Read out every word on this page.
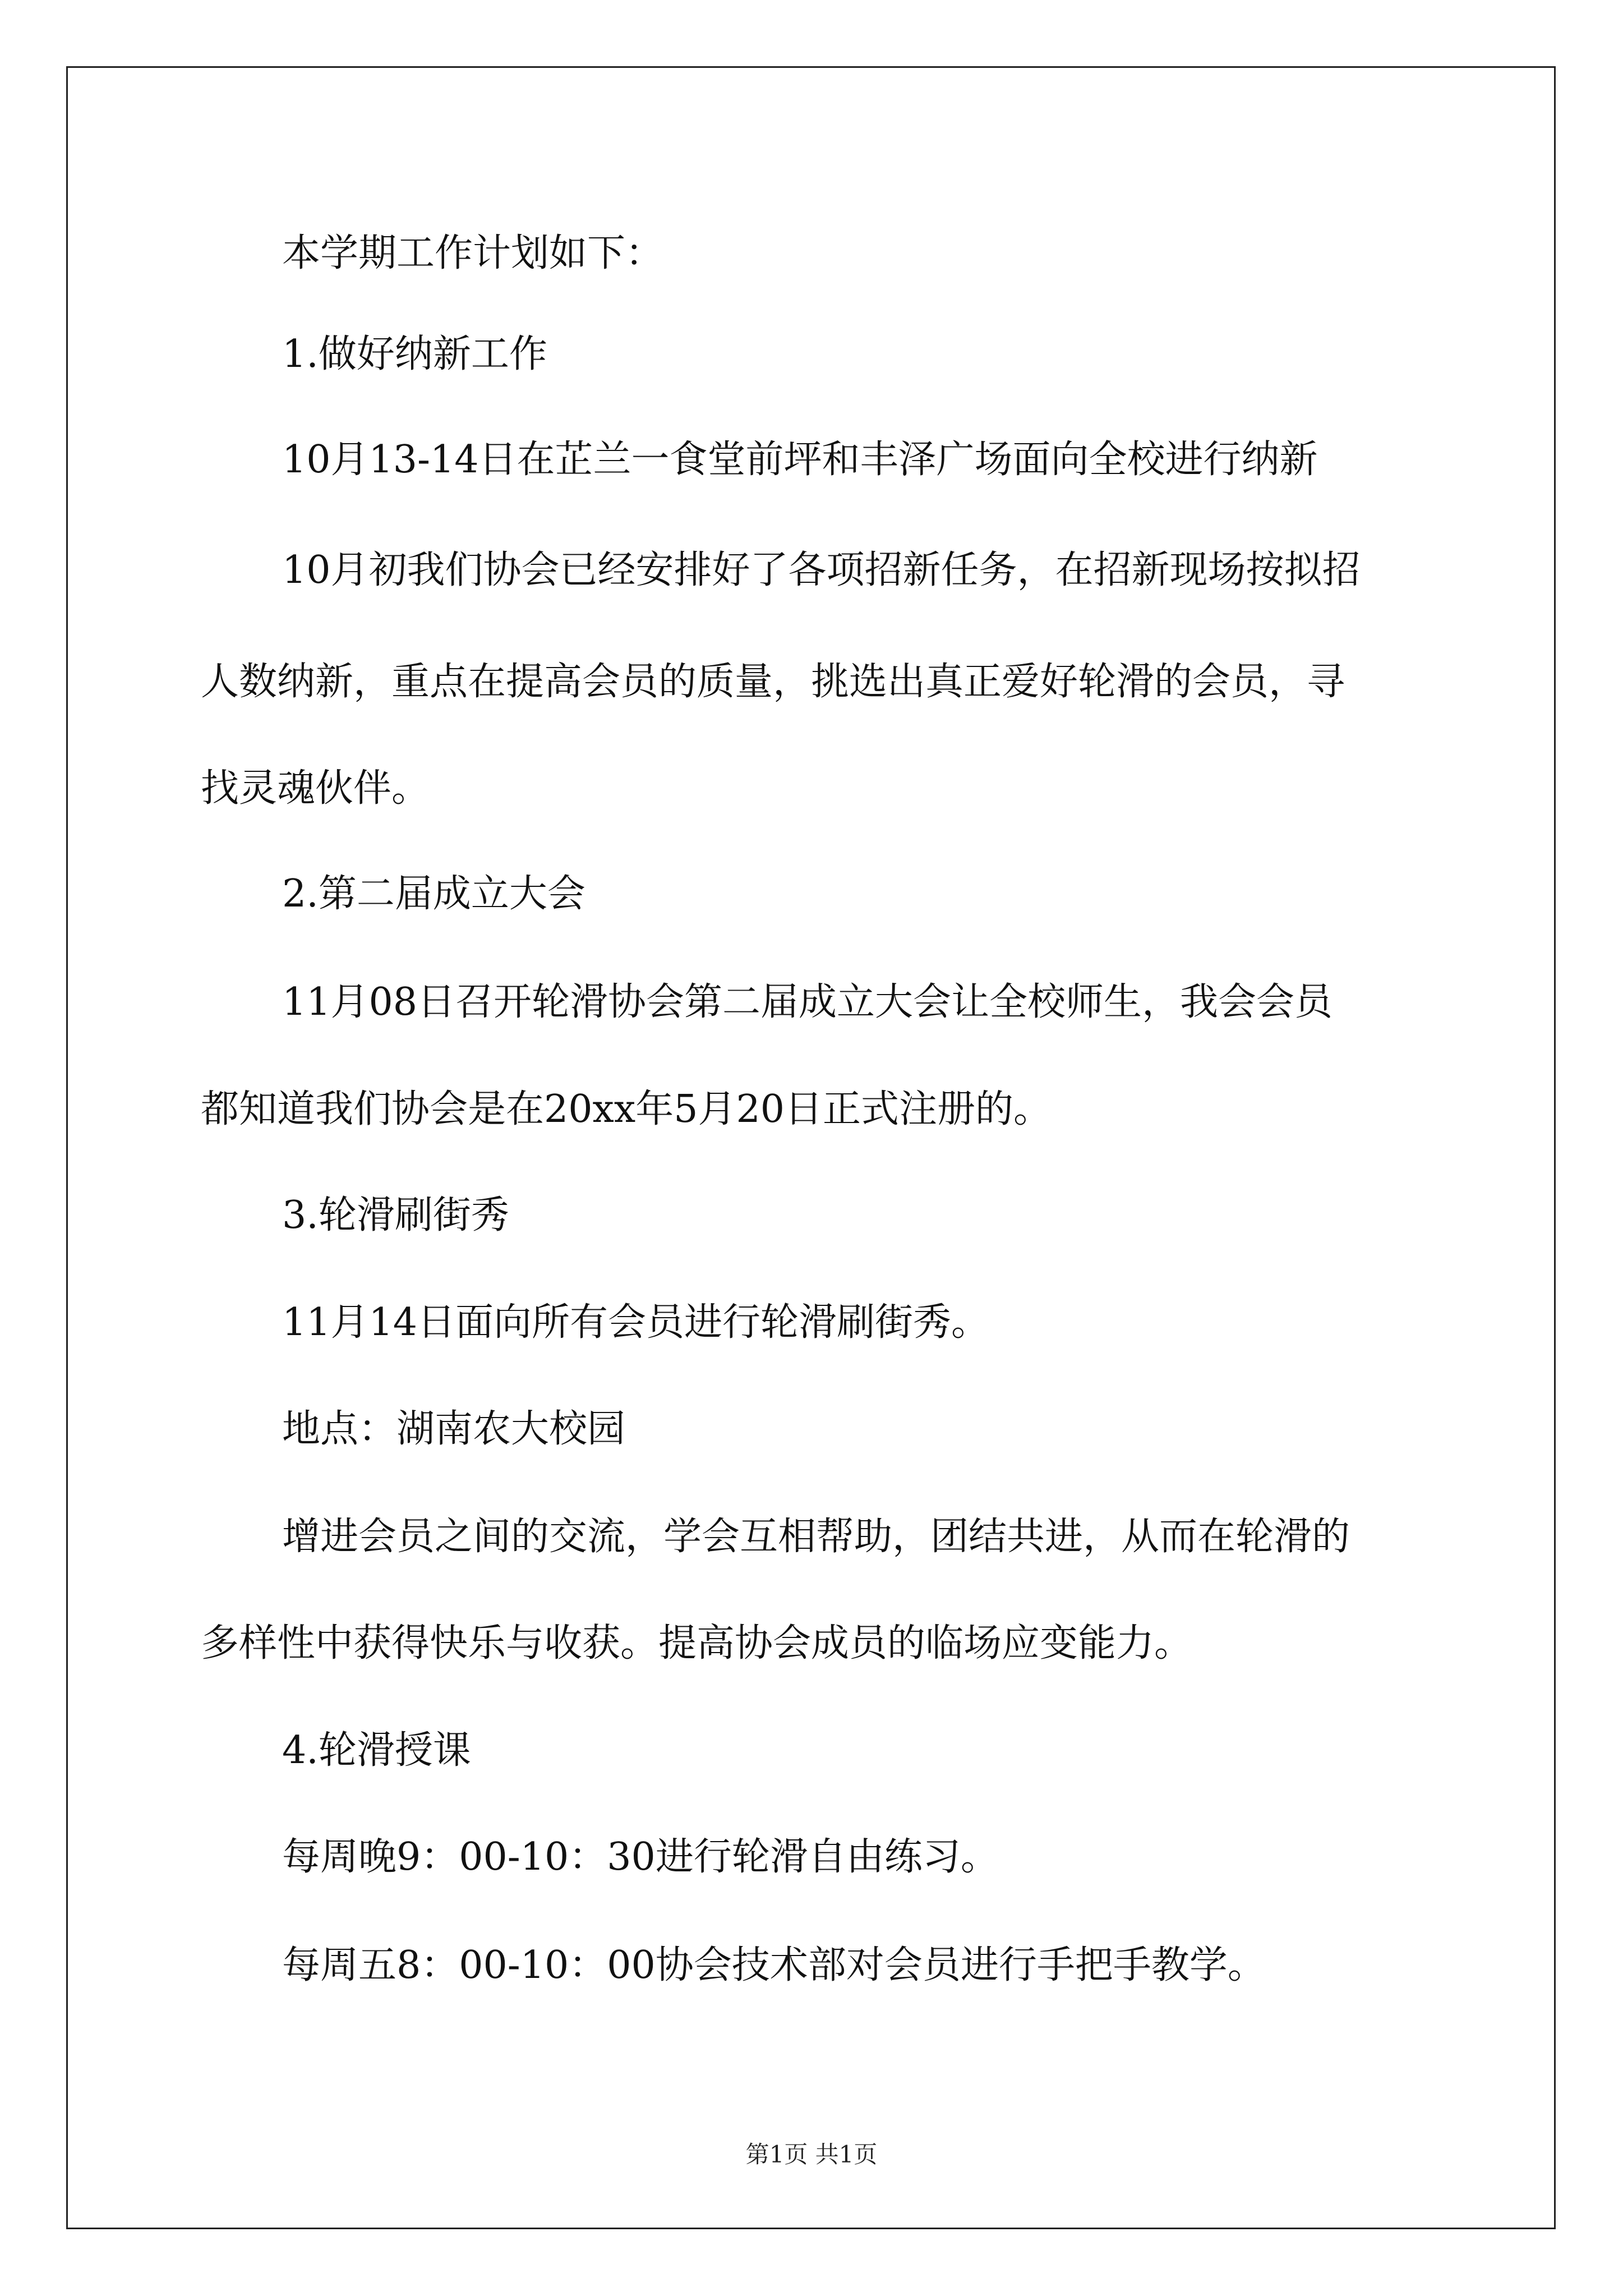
本学期工作计划如下：
1.做好纳新工作
10月13-14日在芷兰一食堂前坪和丰泽广场面向全校进行纳新
10月初我们协会已经安排好了各项招新任务，在招新现场按拟招
人数纳新，重点在提高会员的质量，挑选出真正爱好轮滑的会员，寻
找灵魂伙伴。
2.第二届成立大会
11月08日召开轮滑协会第二届成立大会让全校师生，我会会员
都知道我们协会是在20xx年5月20日正式注册的。
3.轮滑刷街秀
11月14日面向所有会员进行轮滑刷街秀。
地点：湖南农大校园
增进会员之间的交流，学会互相帮助，团结共进，从而在轮滑的
多样性中获得快乐与收获。提高协会成员的临场应变能力。
4.轮滑授课
每周晚9：00-10：30进行轮滑自由练习。
每周五8：00-10：00协会技术部对会员进行手把手教学。
第1页 共1页
